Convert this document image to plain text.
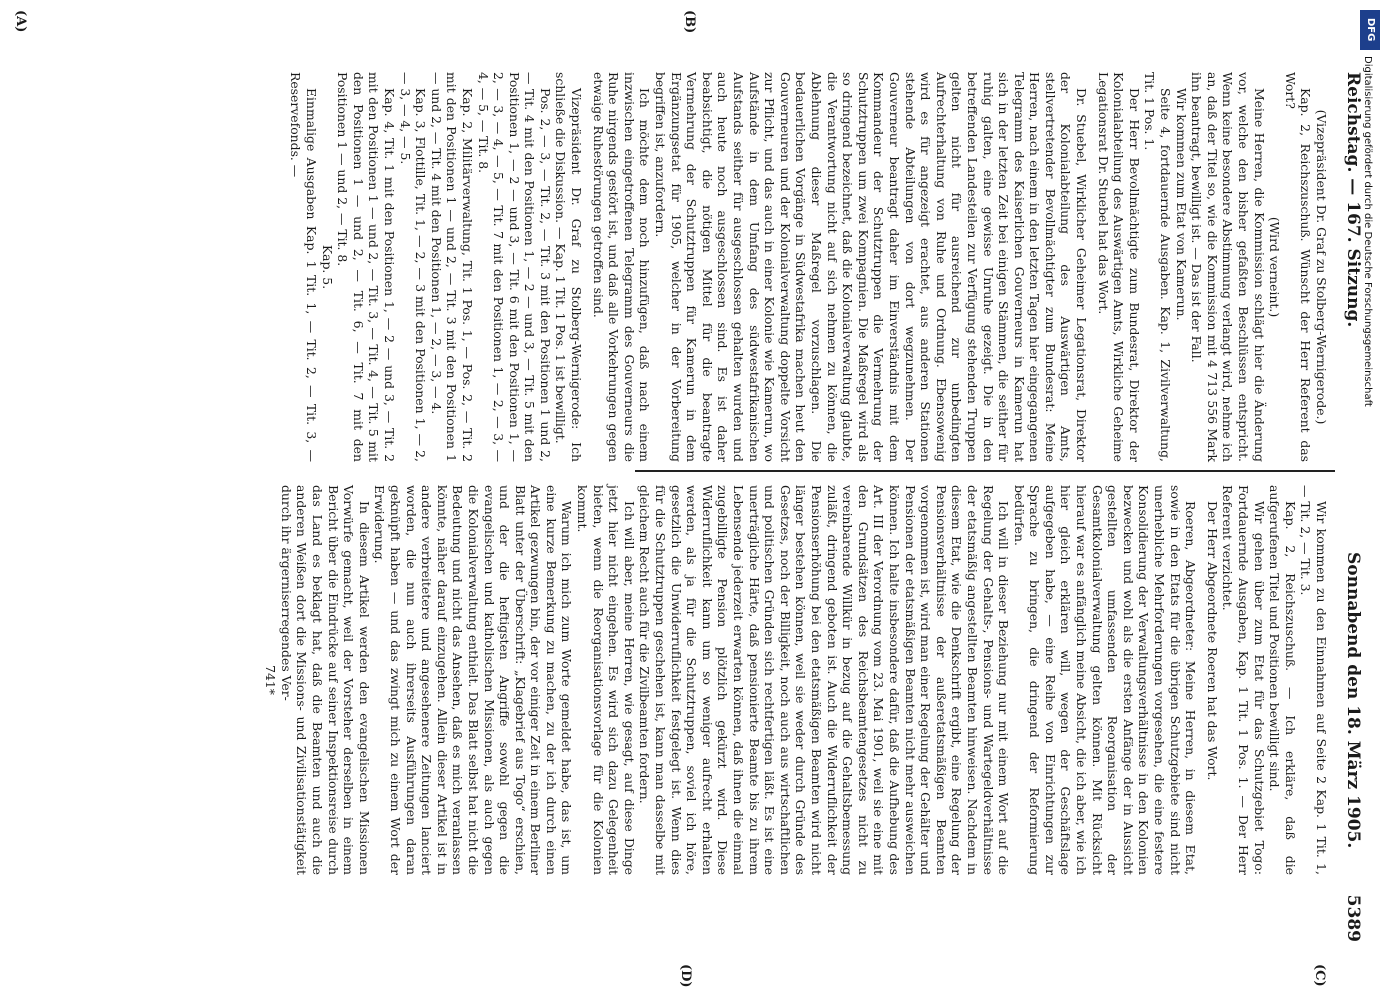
Reichstag. — 167. Sitzung.
Sonnabend den 18. März 1905.
5389

(Vizepräsident Dr. Graf zu Stolberg-Wernigerode.)

Kap. 2, Reichszuschuß. Wünscht der Herr Referent das Wort?

(Wird verneint.)

Meine Herren, die Kommission schlägt hier die Änderung vor, welche den bisher gefaßten Beschlüssen entspricht. Wenn keine besondere Abstimmung verlangt wird, nehme ich an, daß der Titel so, wie die Kommission mit 4 713 556 Mark ihn beantragt, bewilligt ist. — Das ist der Fall.

Wir kommen zum Etat von Kamerun.

Seite 4, fortdauernde Ausgaben. Kap. 1, Zivilverwaltung, Tit. 1 Pos. 1.

Der Herr Bevollmächtigte zum Bundesrat, Direktor der Kolonialabteilung des Auswärtigen Amts, Wirkliche Geheime Legationsrat Dr. Stuebel hat das Wort.

Dr. Stuebel, Wirklicher Geheimer Legationsrat, Direktor der Kolonialabteilung des Auswärtigen Amts, stellvertretender Bevollmächtigter zum Bundesrat: Meine Herren, nach einem in den letzten Tagen hier eingegangenen Telegramm des Kaiserlichen Gouverneurs in Kamerun hat sich in der letzten Zeit bei einigen Stämmen, die seither für ruhig galten, eine gewisse Unruhe gezeigt. Die in den betreffenden Landesteilen zur Verfügung stehenden Truppen gelten nicht für ausreichend zur unbedingten Aufrechterhaltung von Ruhe und Ordnung. Ebensowenig wird es für angezeigt erachtet, aus anderen Stationen stehende Abteilungen von dort wegzunehmen. Der Gouverneur beantragt daher im Einverständnis mit dem Kommandeur der Schutztruppen die Vermehrung der Schutztruppen um zwei Kompagnien. Die Maßregel wird als so dringend bezeichnet, daß die Kolonialverwaltung glaubte, die Verantwortung nicht auf sich nehmen zu können, die Ablehnung dieser Maßregel vorzuschlagen. Die bedauerlichen Vorgänge in Südwestafrika machen heut den Gouverneuren und der Kolonialverwaltung doppelte Vorsicht zur Pflicht, und das auch in einer Kolonie wie Kamerun, wo Aufstände in dem Umfang des südwestafrikanischen Aufstands seither für ausgeschlossen gehalten wurden und auch heute noch ausgeschlossen sind. Es ist daher beabsichtigt, die nötigen Mittel für die beantragte Vermehrung der Schutztruppen für Kamerun in dem Ergänzungsetat für 1905, welcher in der Vorbereitung begriffen ist, anzufordern.

Ich möchte dem noch hinzufügen, daß nach einem inzwischen eingetroffenen Telegramm des Gouverneurs die Ruhe nirgends gestört ist, und daß alle Vorkehrungen gegen etwaige Ruhestörungen getroffen sind.

Vizepräsident Dr. Graf zu Stolberg-Wernigerode: Ich schließe die Diskussion. — Kap. 1 Tit. 1 Pos. 1 ist bewilligt.

Pos. 2, — 3, — Tit. 2, — Tit. 3 mit den Positionen 1 und 2, — Tit. 4 mit den Positionen 1, — 2 — und 3, — Tit. 5 mit den Positionen 1, — 2 — und 3, — Tit. 6 mit den Positionen 1, — 2, — 3, — 4, — 5, — Tit. 7 mit den Positionen 1, — 2, — 3, — 4, — 5, — Tit. 8.

Kap. 2, Militärverwaltung, Tit. 1 Pos. 1, — Pos. 2, — Tit. 2 mit den Positionen 1 — und 2, — Tit. 3 mit den Positionen 1 — und 2, — Tit. 4 mit den Positionen 1, — 2, — 3, — 4.

Kap. 3, Flottille, Tit. 1, — 2, — 3 mit den Positionen 1, — 2, — 3, — 4, — 5.

Kap. 4, Tit. 1 mit den Positionen 1, — 2 — und 3, — Tit. 2 mit den Positionen 1 — und 2, — Tit. 3, — Tit. 4, — Tit. 5 mit den Positionen 1 — und 2, — Tit. 6, — Tit. 7 mit den Positionen 1 — und 2, — Tit. 8.

Kap. 5.

Einmalige Ausgaben Kap. 1 Tit. 1, — Tit. 2, — Tit. 3, — Reservefonds. —

Wir kommen zu den Einnahmen auf Seite 2 Kap. 1 Tit. 1, — Tit. 2, — Tit. 3.

Kap. 2, Reichszuschuß. — Ich erkläre, daß die aufgerufenen Titel und Positionen bewilligt sind.

Wir gehen über zum Etat für das Schutzgebiet Togo: Fortdauernde Ausgaben, Kap. 1 Tit. 1 Pos. 1. — Der Herr Referent verzichtet.

Der Herr Abgeordnete Roeren hat das Wort.

Roeren, Abgeordneter: Meine Herren, in diesem Etat, sowie in den Etats für die übrigen Schutzgebiete sind nicht unerhebliche Mehrforderungen vorgesehen, die eine festere Konsolidierung der Verwaltungsverhältnisse in den Kolonien bezwecken und wohl als die ersten Anfänge der in Aussicht gestellten umfassenden Reorganisation der Gesamtkolonialverwaltung gelten können. Mit Rücksicht hierauf war es anfänglich meine Absicht, die ich aber, wie ich hier gleich erklären will, wegen der Geschäftslage aufgegeben habe, — eine Reihe von Einrichtungen zur Sprache zu bringen, die dringend der Reformierung bedürfen.

Ich will in dieser Beziehung nur mit einem Wort auf die Regelung der Gehalts-, Pensions- und Wartegeldverhältnisse der etatsmäßig angestellten Beamten hinweisen. Nachdem in diesem Etat, wie die Denkschrift ergibt, eine Regelung der Pensionsverhältnisse der außeretatsmäßigen Beamten vorgenommen ist, wird man einer Regelung der Gehälter und Pensionen der etatsmäßigen Beamten nicht mehr ausweichen können. Ich halte insbesondere dafür, daß die Aufhebung des Art. III der Verordnung vom 23. Mai 1901, weil sie eine mit den Grundsätzen des Reichsbeamtengesetzes nicht zu vereinbarende Willkür in bezug auf die Gehaltsbemessung zuläßt, dringend geboten ist. Auch die Widerruflichkeit der Pensionserhöhung bei den etatsmäßigen Beamten wird nicht länger bestehen können, weil sie weder durch Gründe des Gesetzes, noch der Billigkeit, noch auch aus wirtschaftlichen und politischen Gründen sich rechtfertigen läßt. Es ist eine unerträgliche Härte, daß pensionierte Beamte bis zu ihrem Lebensende jederzeit erwarten können, daß ihnen die einmal zugebilligte Pension plötzlich gekürzt wird. Diese Widerruflichkeit kann um so weniger aufrecht erhalten werden, als ja für die Schutztruppen, soviel ich höre, gesetzlich die Unwiderruflichkeit festgelegt ist. Wenn dies für die Schutztruppen geschehen ist, kann man dasselbe mit gleichem Recht auch für die Zivilbeamten fordern.

Ich will aber, meine Herren, wie gesagt, auf diese Dinge jetzt hier nicht eingehen. Es wird sich dazu Gelegenheit bieten, wenn die Reorganisationsvorlage für die Kolonien kommt.

Warum ich mich zum Worte gemeldet habe, das ist, um eine kurze Bemerkung zu machen, zu der ich durch einen Artikel gezwungen bin, der vor einiger Zeit in einem Berliner Blatt unter der Überschrift: „Klagebrief aus Togo“ erschien, und der die heftigsten Angriffe sowohl gegen die evangelischen und katholischen Missionen, als auch gegen die Kolonialverwaltung enthielt. Das Blatt selbst hat nicht die Bedeutung und nicht das Ansehen, daß es mich veranlassen könnte, näher darauf einzugehen. Allein dieser Artikel ist in andere verbreitetere und angesehenere Zeitungen lanciert worden, die nun auch ihrerseits Ausführungen daran geknüpft haben — und das zwingt mich zu einem Wort der Erwiderung.

In diesem Artikel werden den evangelischen Missionen Vorwürfe gemacht, weil der Vorsteher derselben in einem Bericht über die Eindrücke auf seiner Inspektionsreise durch das Land es beklagt hat, daß die Beamten und auch die anderen Weißen dort die Missions- und Zivilisationstätigkeit durch ihr ärgerniserregendes Ver-

741*

(A)	(B)
(C)
(D)
DFG
Digitalisierung gefördert durch die Deutsche Forschungsgemeinschaft
